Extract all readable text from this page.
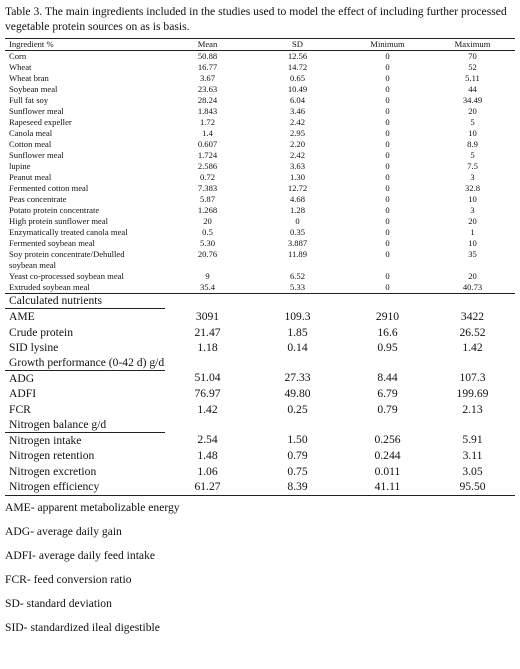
Table 3. The main ingredients included in the studies used to model the effect of including further processed vegetable protein sources on as is basis.
Ingredient %	Mean	SD	Minimum	Maximum
Corn	50.88	12.56	0	70
Wheat	16.77	14.72	0	52
Wheat bran	3.67	0.65	0	5.11
Soybean meal	23.63	10.49	0	44
Full fat soy	28.24	6.04	0	34.49
Sunflower meal	1.843	3.46	0	20
Rapeseed expeller	1.72	2.42	0	5
Canola meal	1.4	2.95	0	10
Cotton meal	0.607	2.20	0	8.9
Sunflower meal	1.724	2.42	0	5
lupine	2.586	3.63	0	7.5
Peanut meal	0.72	1.30	0	3
Fermented cotton meal	7.383	12.72	0	32.8
Peas concentrate	5.87	4.68	0	10
Potato protein concentrate	1.268	1.28	0	3
High protein sunflower meal	20	0	0	20
Enzymatically treated canola meal	0.5	0.35	0	1
Fermented soybean meal	5.30	3.887	0	10
Soy protein concentrate/Dehulled soybean meal	20.76	11.89	0	35
Yeast co-processed soybean meal	9	6.52	0	20
Extruded soybean meal	35.4	5.33	0	40.73
Calculated nutrients				
AME	3091	109.3	2910	3422
Crude protein	21.47	1.85	16.6	26.52
SID lysine	1.18	0.14	0.95	1.42
Growth performance (0-42 d) g/d				
ADG	51.04	27.33	8.44	107.3
ADFI	76.97	49.80	6.79	199.69
FCR	1.42	0.25	0.79	2.13
Nitrogen balance g/d				
Nitrogen intake	2.54	1.50	0.256	5.91
Nitrogen retention	1.48	0.79	0.244	3.11
Nitrogen excretion	1.06	0.75	0.011	3.05
Nitrogen efficiency	61.27	8.39	41.11	95.50
AME- apparent metabolizable energy
ADG- average daily gain
ADFI- average daily feed intake
FCR- feed conversion ratio
SD- standard deviation
SID- standardized ileal digestible
